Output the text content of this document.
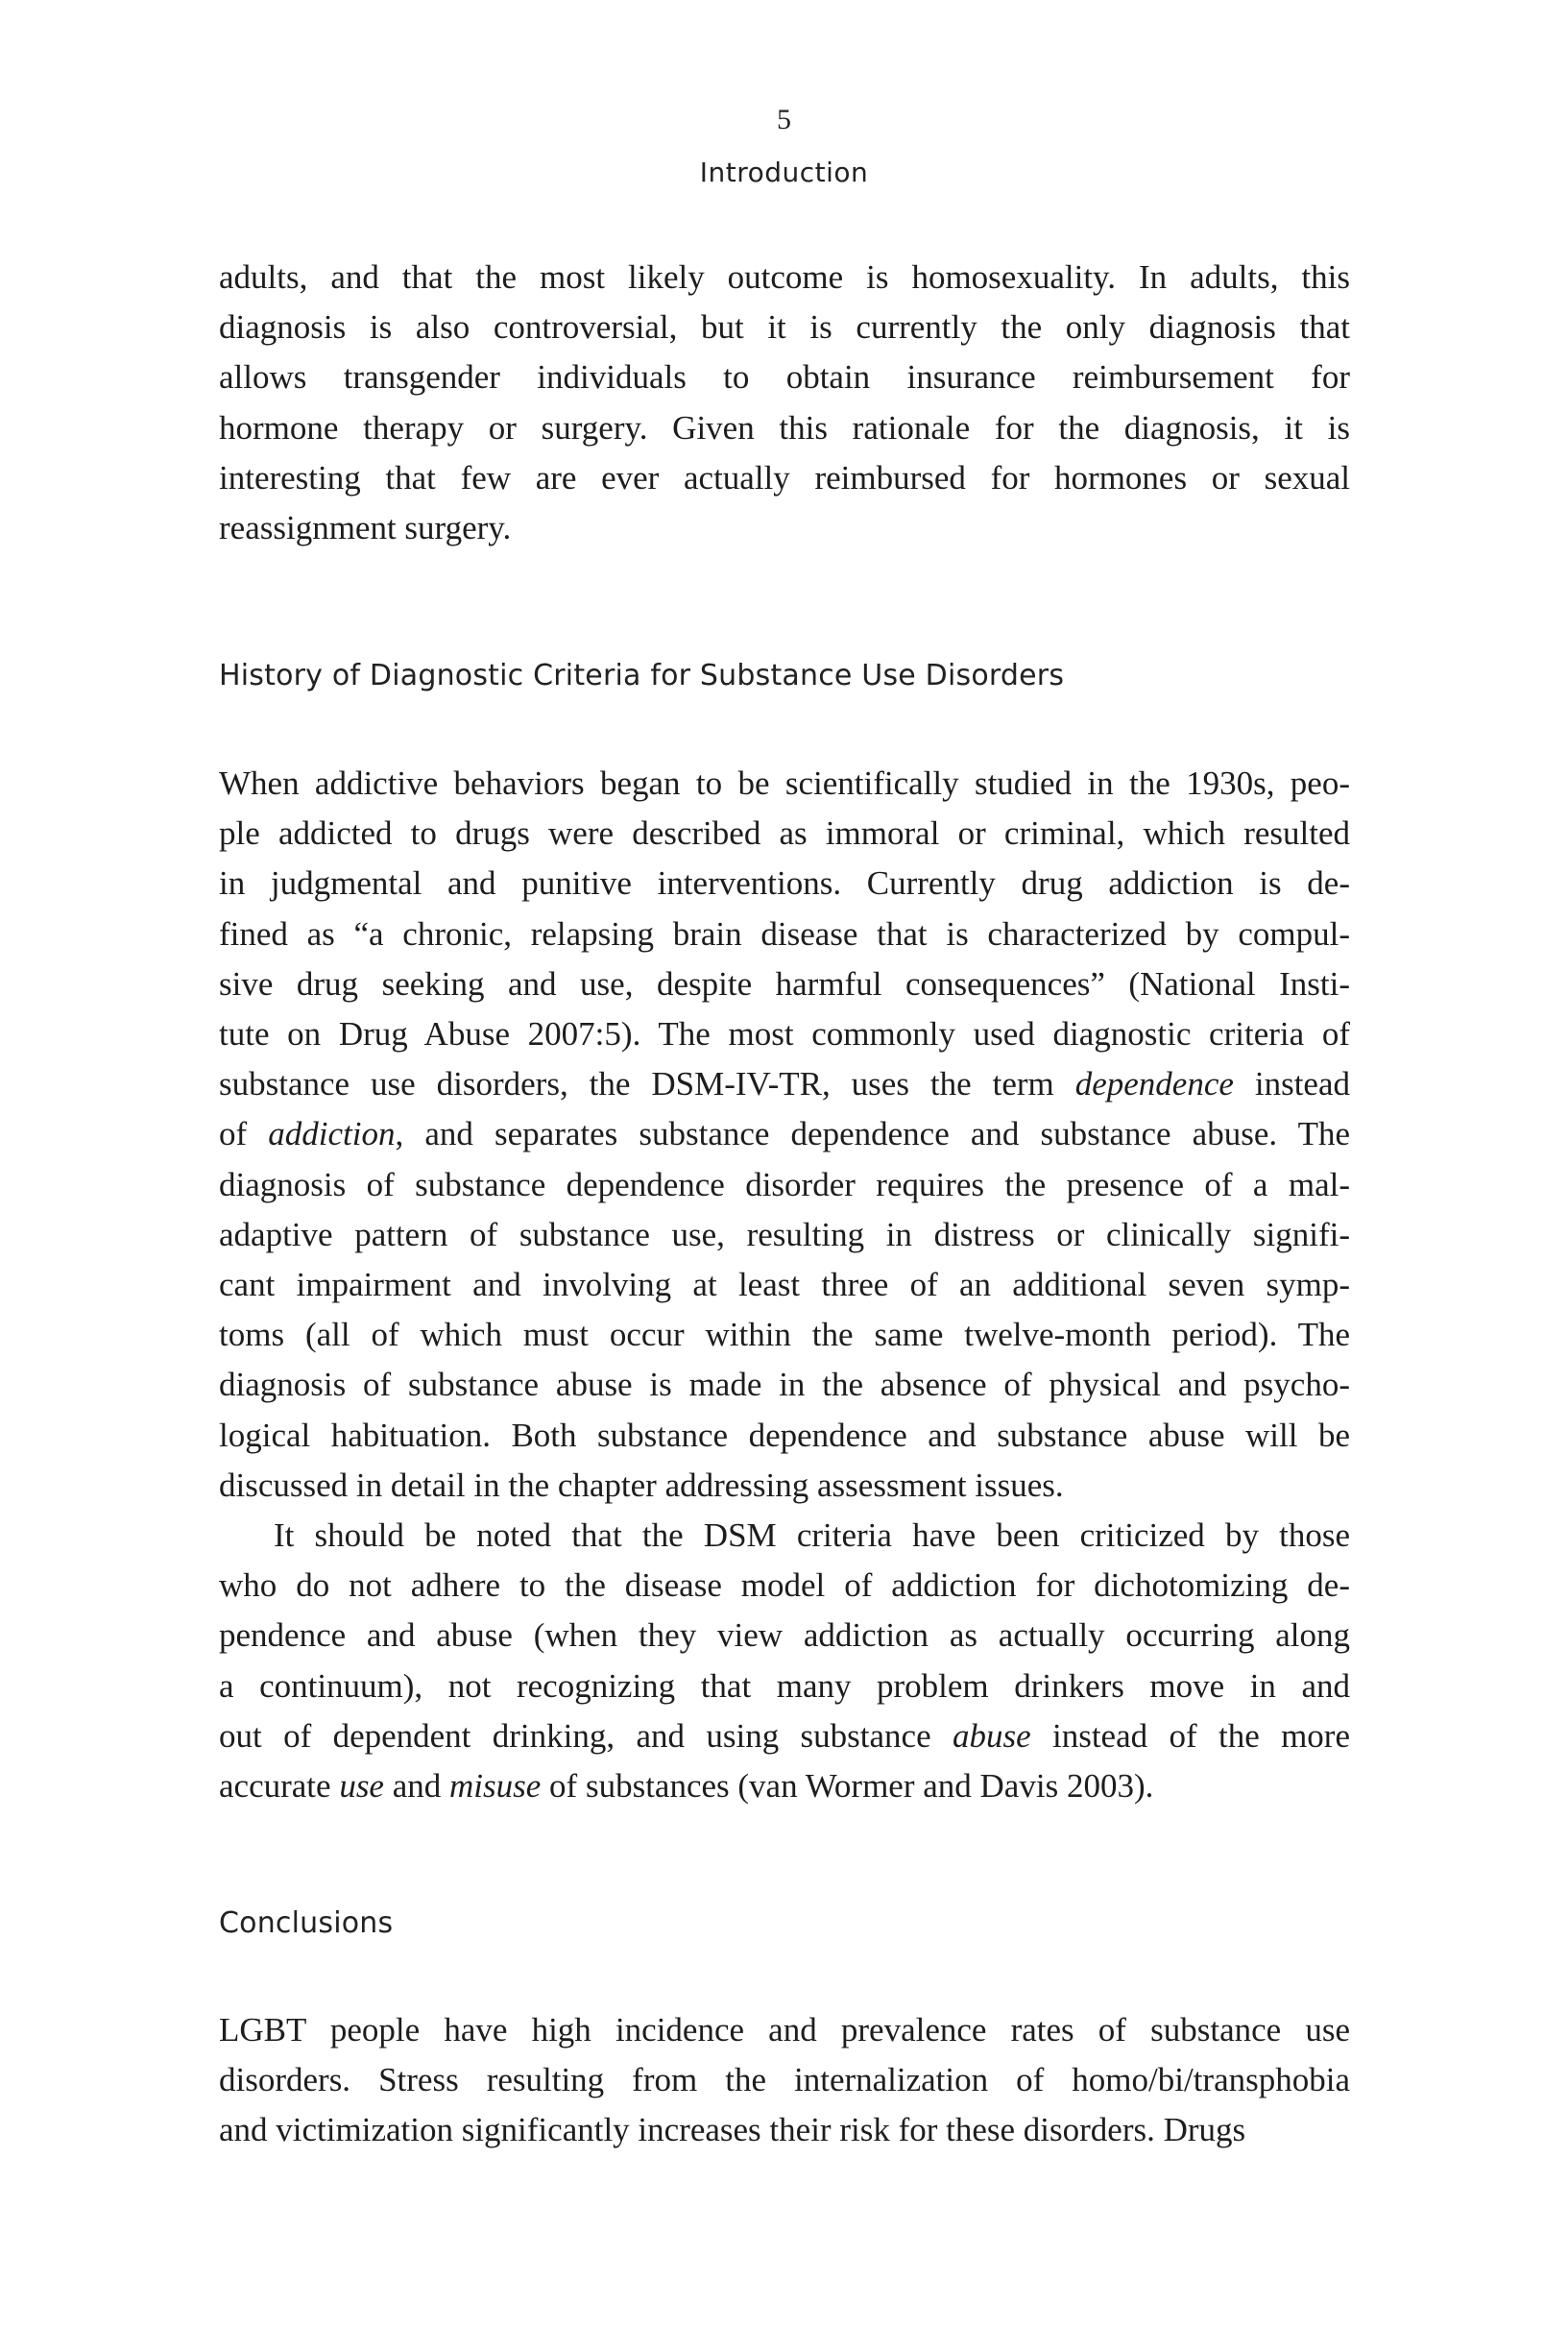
5
Introduction

adults, and that the most likely outcome is homosexuality. In adults, this
diagnosis is also controversial, but it is currently the only diagnosis that
allows transgender individuals to obtain insurance reimbursement for
hormone therapy or surgery. Given this rationale for the diagnosis, it is
interesting that few are ever actually reimbursed for hormones or sexual
reassignment surgery.

History of Diagnostic Criteria for Substance Use Disorders

When addictive behaviors began to be scientifically studied in the 1930s, peo-
ple addicted to drugs were described as immoral or criminal, which resulted
in judgmental and punitive interventions. Currently drug addiction is de-
fined as “a chronic, relapsing brain disease that is characterized by compul-
sive drug seeking and use, despite harmful consequences” (National Insti-
tute on Drug Abuse 2007:5). The most commonly used diagnostic criteria of
substance use disorders, the DSM-IV-TR, uses the term dependence instead
of addiction, and separates substance dependence and substance abuse. The
diagnosis of substance dependence disorder requires the presence of a mal-
adaptive pattern of substance use, resulting in distress or clinically signifi-
cant impairment and involving at least three of an additional seven symp-
toms (all of which must occur within the same twelve-month period). The
diagnosis of substance abuse is made in the absence of physical and psycho-
logical habituation. Both substance dependence and substance abuse will be
discussed in detail in the chapter addressing assessment issues.

It should be noted that the DSM criteria have been criticized by those
who do not adhere to the disease model of addiction for dichotomizing de-
pendence and abuse (when they view addiction as actually occurring along
a continuum), not recognizing that many problem drinkers move in and
out of dependent drinking, and using substance abuse instead of the more
accurate use and misuse of substances (van Wormer and Davis 2003).

Conclusions

LGBT people have high incidence and prevalence rates of substance use
disorders. Stress resulting from the internalization of homo/bi/transphobia
and victimization significantly increases their risk for these disorders. Drugs
